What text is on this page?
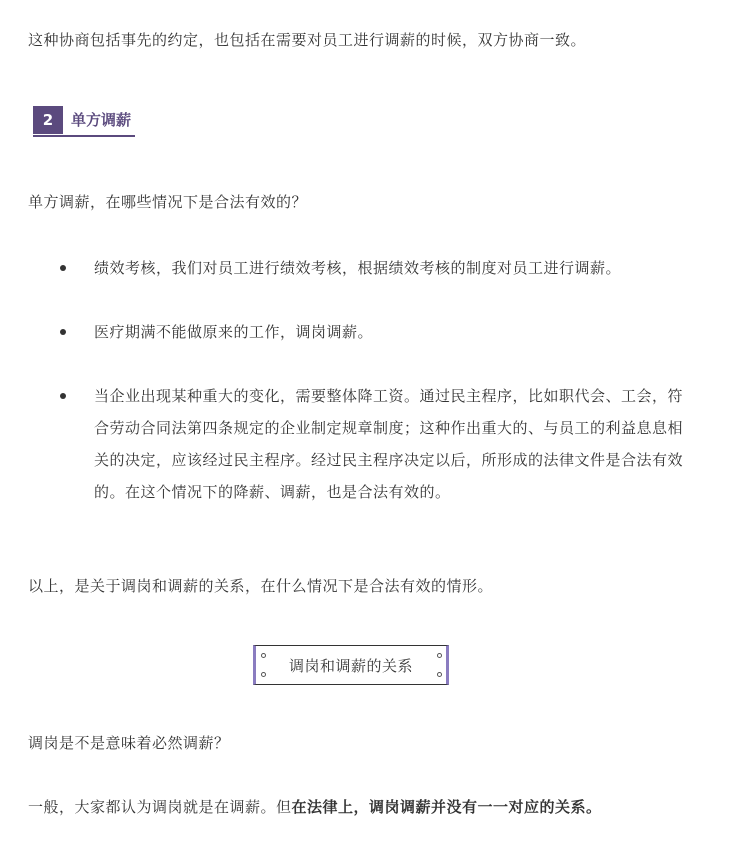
这种协商包括事先的约定，也包括在需要对员工进行调薪的时候，双方协商一致。

2	单方调薪

单方调薪，在哪些情况下是合法有效的？

绩效考核，我们对员工进行绩效考核，根据绩效考核的制度对员工进行调薪。
医疗期满不能做原来的工作，调岗调薪。
当企业出现某种重大的变化，需要整体降工资。通过民主程序，比如职代会、工会，符合劳动合同法第四条规定的企业制定规章制度；这种作出重大的、与员工的利益息息相关的决定，应该经过民主程序。经过民主程序决定以后，所形成的法律文件是合法有效的。在这个情况下的降薪、调薪，也是合法有效的。

以上，是关于调岗和调薪的关系，在什么情况下是合法有效的情形。

调岗和调薪的关系

调岗是不是意味着必然调薪？

一般，大家都认为调岗就是在调薪。但在法律上，调岗调薪并没有一一对应的关系。
